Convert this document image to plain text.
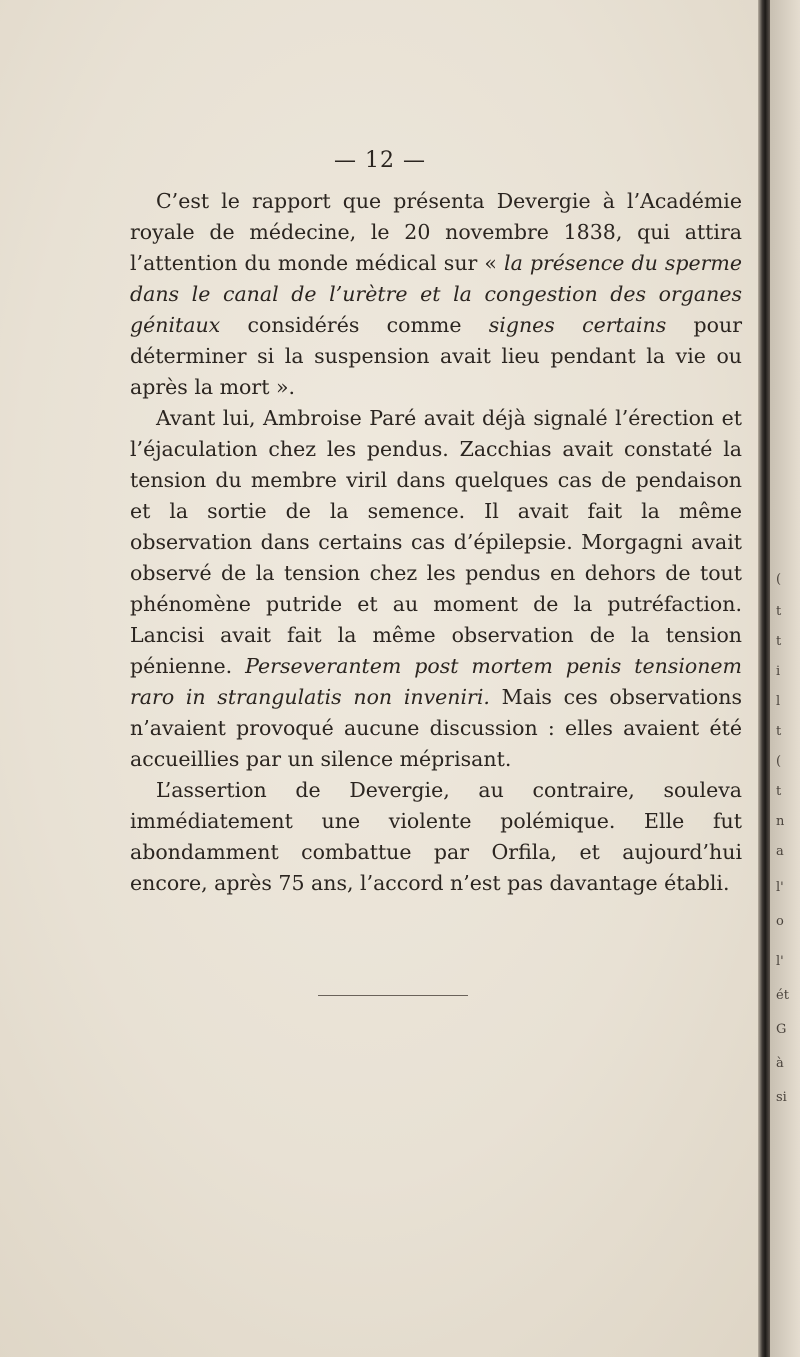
— 12 —

C’est le rapport que présenta Devergie à l’Académie royale de médecine, le 20 novembre 1838, qui attira l’attention du monde médical sur « la présence du sperme dans le canal de l’urètre et la congestion des organes génitaux considérés comme signes certains pour déterminer si la suspension avait lieu pendant la vie ou après la mort ».

Avant lui, Ambroise Paré avait déjà signalé l’érection et l’éjaculation chez les pendus. Zacchias avait constaté la tension du membre viril dans quelques cas de pendaison et la sortie de la semence. Il avait fait la même observation dans certains cas d’épilepsie. Morgagni avait observé de la tension chez les pendus en dehors de tout phénomène putride et au moment de la putréfaction. Lancisi avait fait la même observation de la tension pénienne. Perseverantem post mortem penis tensionem raro in strangulatis non inveniri. Mais ces observations n’avaient provoqué aucune discussion : elles avaient été accueillies par un silence méprisant.

L’assertion de Devergie, au contraire, souleva immédiatement une violente polémique. Elle fut abondamment combattue par Orfila, et aujourd’hui encore, après 75 ans, l’accord n’est pas davantage établi.

(
t
t
i
l
t
(
t
n
a
l'
o
l'
ét
G
à
si
